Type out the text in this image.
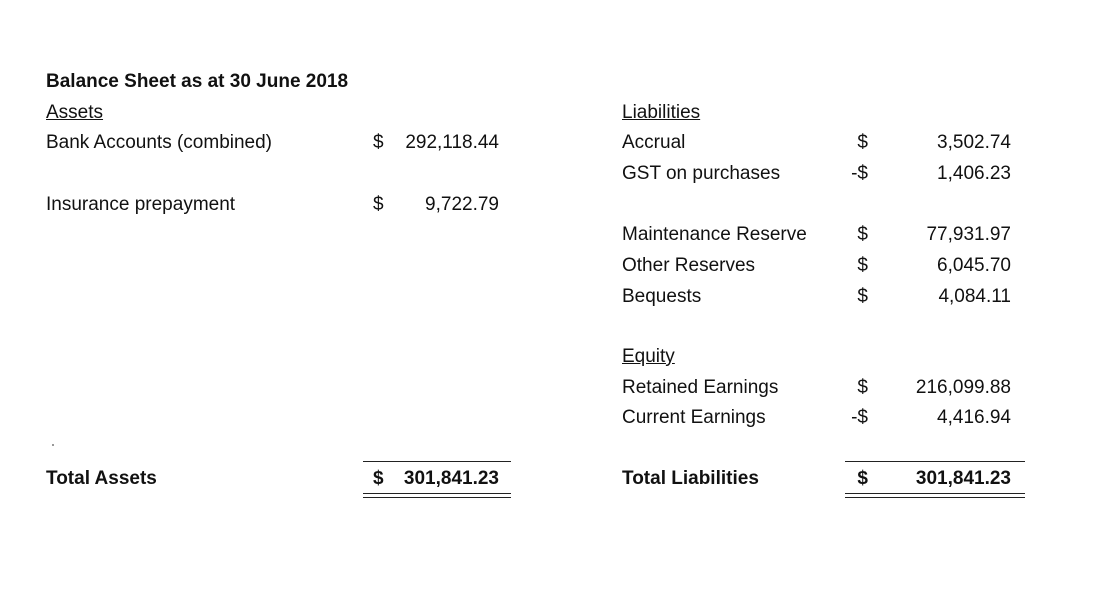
Balance Sheet as at 30 June 2018
Assets
Bank Accounts (combined)	$	292,118.44
Insurance prepayment	$	9,722.79
Liabilities
Accrual	$	3,502.74
GST on purchases	-$	1,406.23
Maintenance Reserve	$	77,931.97
Other Reserves	$	6,045.70
Bequests	$	4,084.11
Equity
Retained Earnings	$	216,099.88
Current Earnings	-$	4,416.94
Total Assets	$	301,841.23	Total Liabilities	$	301,841.23
